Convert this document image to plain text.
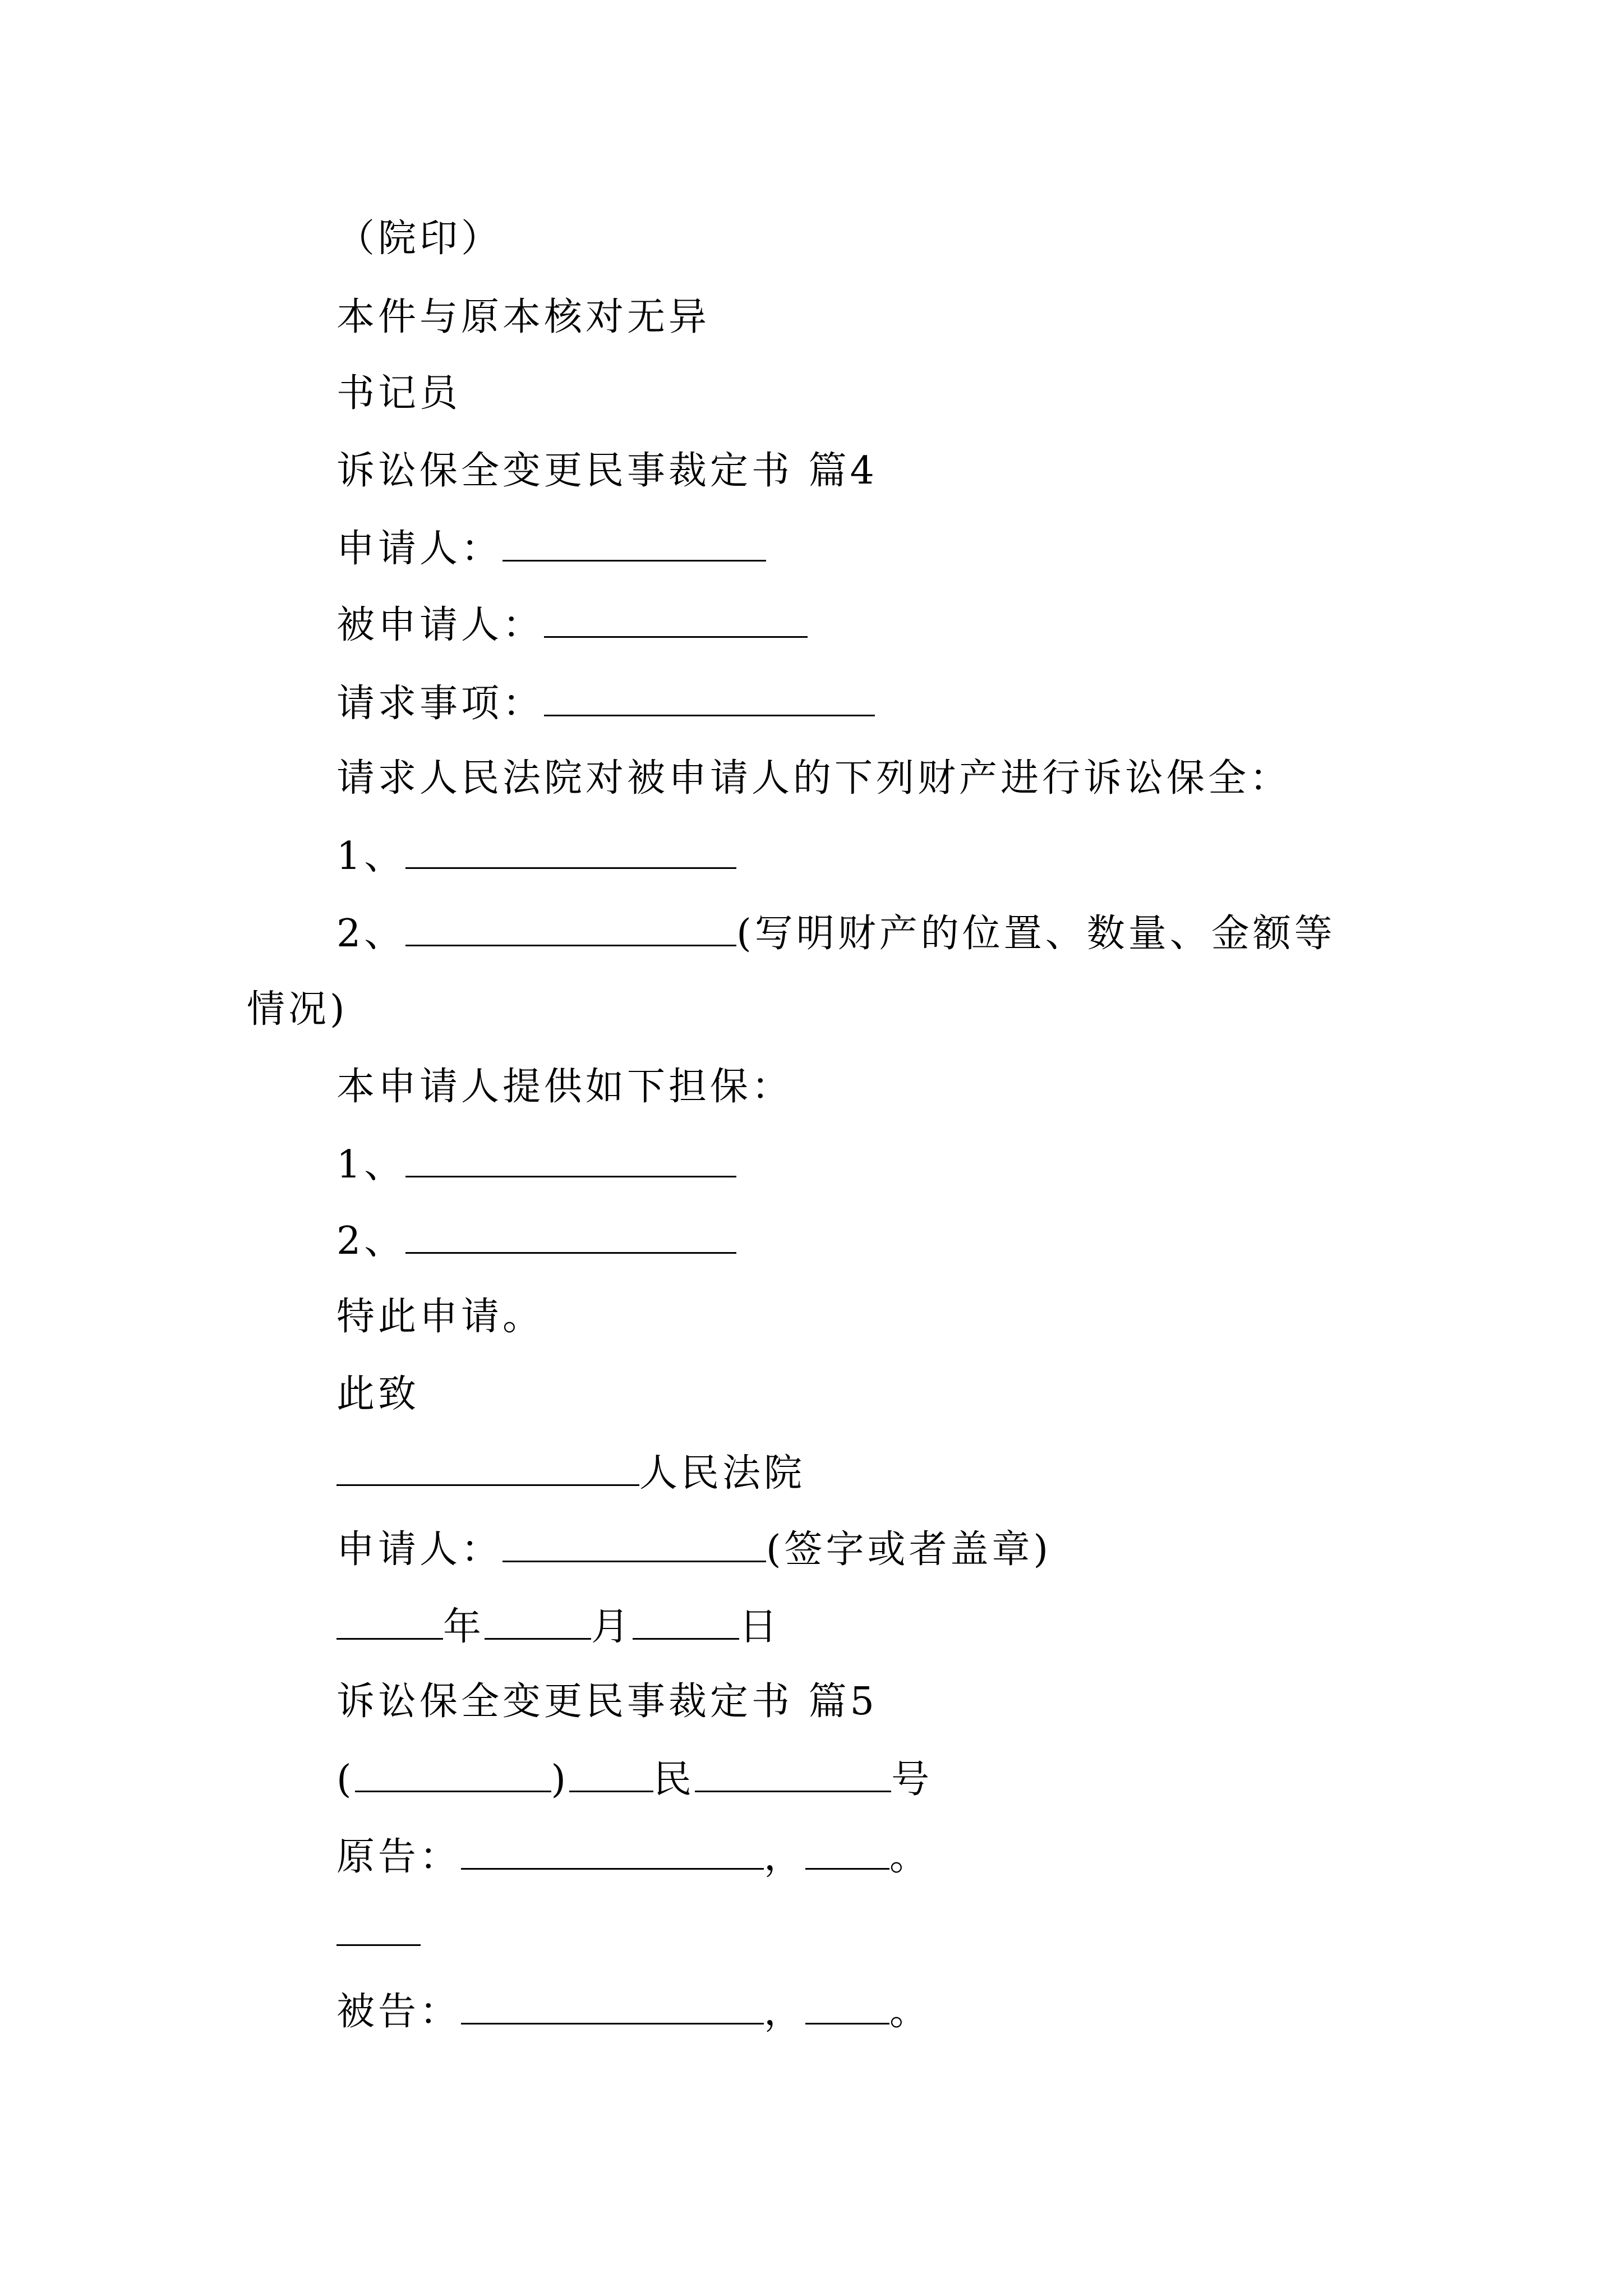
（院印）
本件与原本核对无异
书记员
诉讼保全变更民事裁定书 篇4
申请人：
被申请人：
请求事项：
请求人民法院对被申请人的下列财产进行诉讼保全：
1、
2、	(写明财产的位置、数量、金额等
情况)
本申请人提供如下担保：
1、
2、
特此申请。
此致
人民法院
申请人：	(签字或者盖章)
年	月	日
诉讼保全变更民事裁定书 篇5
(	) 民	号
原告：	， 。
被告：	， 。
